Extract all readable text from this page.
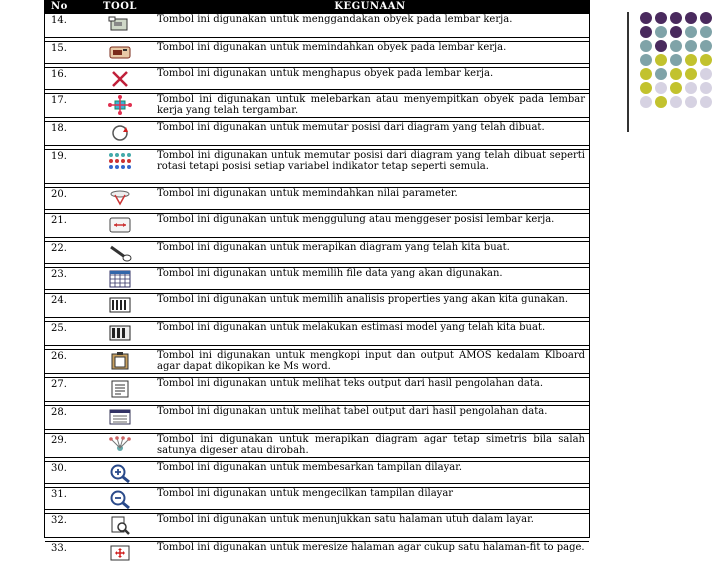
No	TOOL	KEGUNAAN
14.		Tombol ini digunakan untuk menggandakan obyek pada lembar kerja.

15.		Tombol ini digunakan untuk memindahkan obyek pada lembar kerja.

16.		Tombol ini digunakan untuk menghapus obyek pada lembar kerja.

17.		Tombol ini digunakan untuk melebarkan atau menyempitkan obyek pada lembar kerja yang telah tergambar.

18.		Tombol ini digunakan untuk memutar posisi dari diagram yang telah dibuat.

19.		Tombol ini digunakan untuk memutar posisi dari diagram yang telah dibuat seperti rotasi tetapi posisi setiap variabel indikator tetap seperti semula.

20.		Tombol ini digunakan untuk memindahkan nilai parameter.

21.		Tombol ini digunakan untuk menggulung atau menggeser posisi lembar kerja.

22.		Tombol ini digunakan untuk merapikan diagram yang telah kita buat.

23.		Tombol ini digunakan untuk memilih file data yang akan digunakan.

24.		Tombol ini digunakan untuk memilih analisis properties yang akan kita gunakan.

25.		Tombol ini digunakan untuk melakukan estimasi model yang telah kita buat.

26.		Tombol ini digunakan untuk mengkopi input dan output AMOS kedalam Klboard agar dapat dikopikan ke Ms word.

27.		Tombol ini digunakan untuk melihat teks output dari hasil pengolahan data.

28.		Tombol ini digunakan untuk melihat tabel output dari hasil pengolahan data.

29.		Tombol ini digunakan untuk merapikan diagram agar tetap simetris bila salah satunya digeser atau dirobah.

30.		Tombol ini digunakan untuk membesarkan tampilan dilayar.

31.		Tombol ini digunakan untuk mengecilkan tampilan dilayar

32.		Tombol ini digunakan untuk menunjukkan satu halaman utuh dalam layar.

33.		Tombol ini digunakan untuk meresize halaman agar cukup satu halaman-fit to page.
